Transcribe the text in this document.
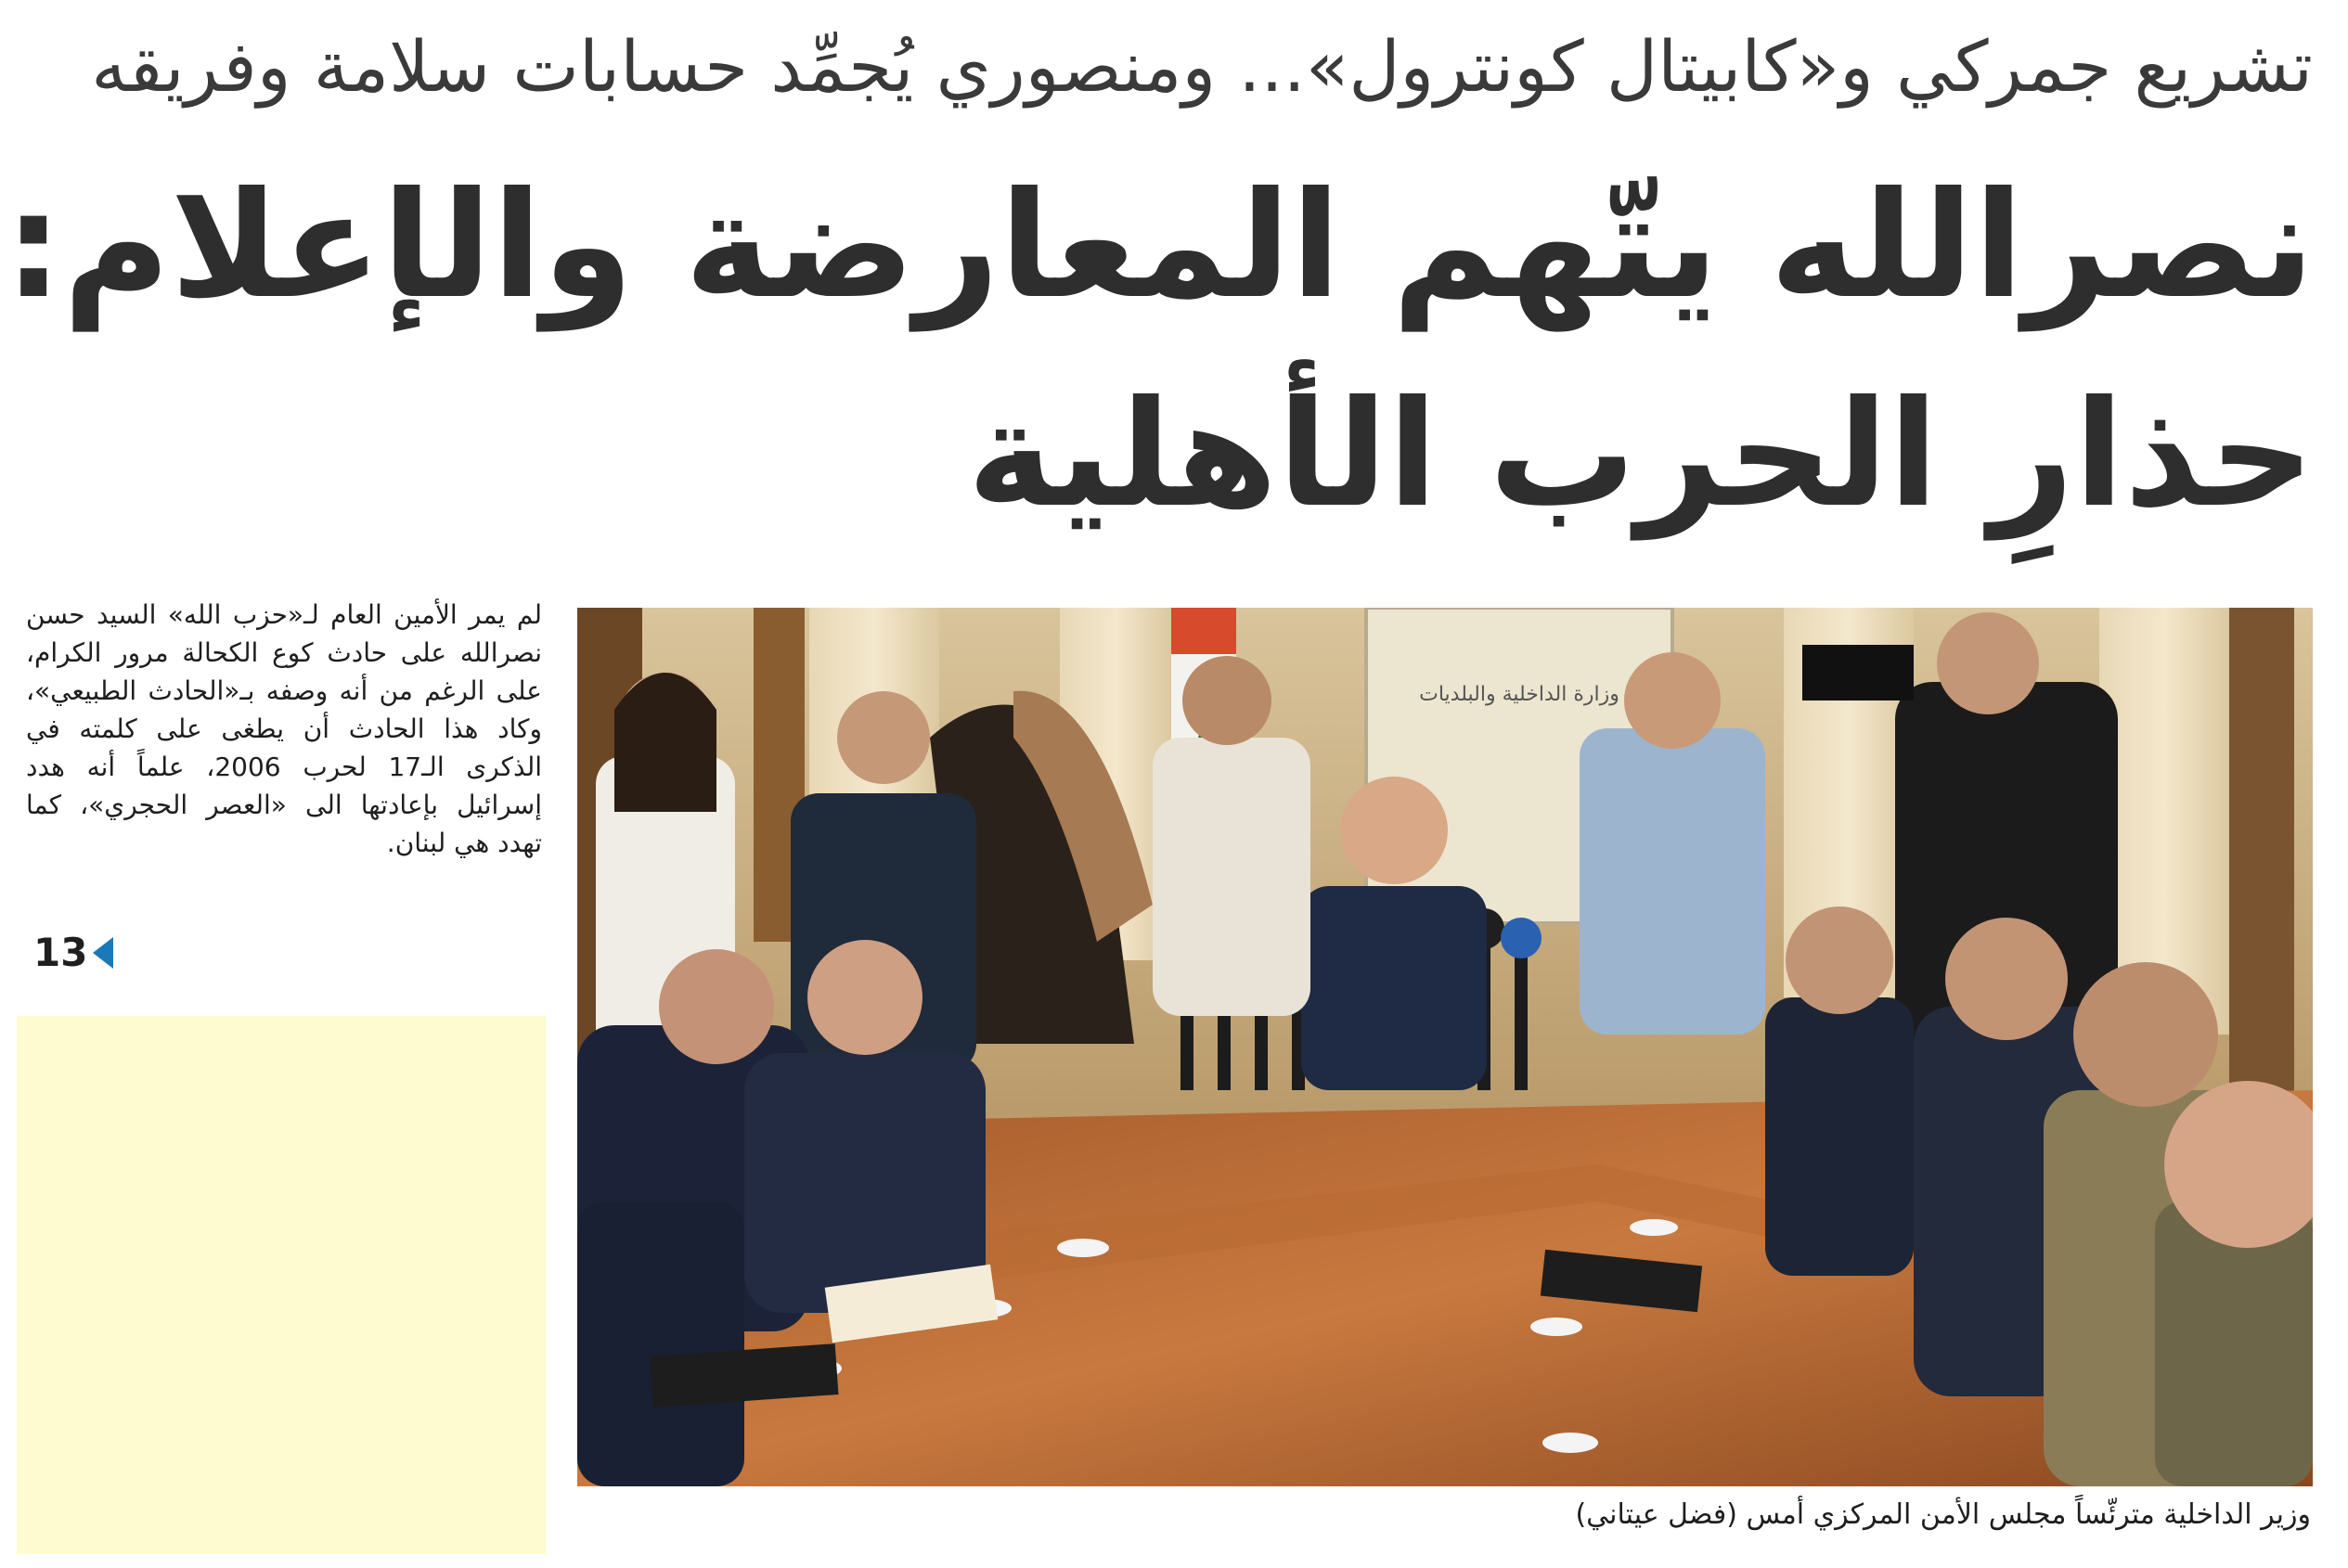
تشريع جمركي و«كابيتال كونترول»... ومنصوري يُجمِّد حسابات سلامة وفريقه
نصرالله يتّهم المعارضة والإعلام:
حذارِ الحرب الأهلية

لم يمر الأمين العام لـ«حزب الله» السيد حسن نصرالله على حادث كوع الكحالة مرور الكرام، على الرغم من أنه وصفه بـ«الحادث الطبيعي»، وكاد هذا الحادث أن يطغى على كلمته في الذكرى الـ17 لحرب 2006، علماً أنه هدد إسرائيل بإعادتها الى «العصر الحجري»، كما تهدد هي لبنان.

13
وزارة الداخلية والبلديات
وزير الداخلية مترئّساً مجلس الأمن المركزي أمس (فضل عيتاني)
